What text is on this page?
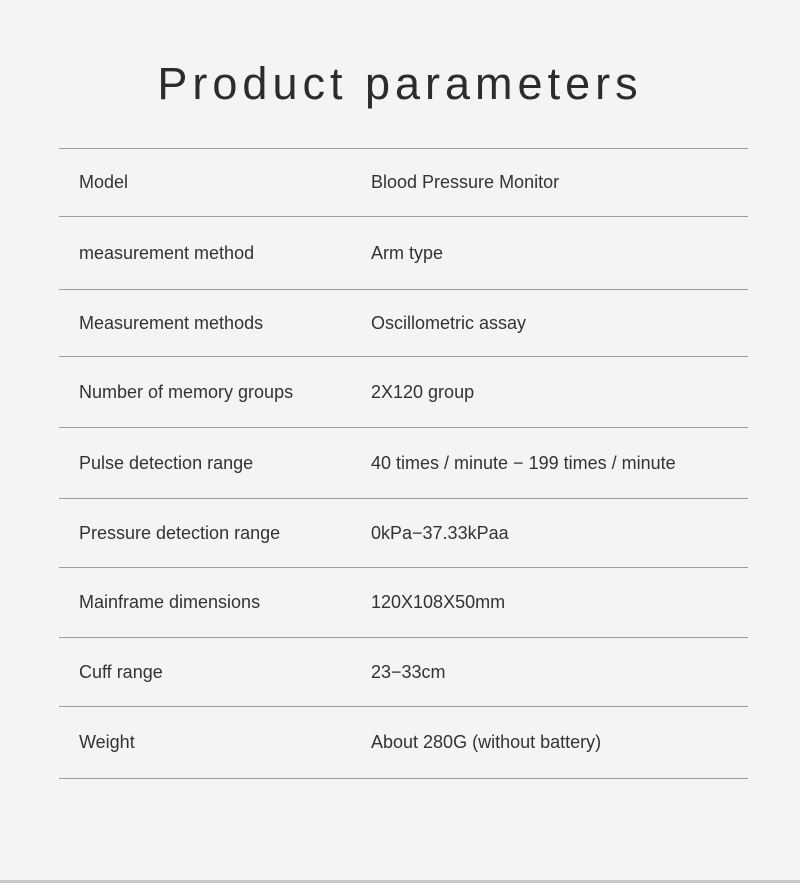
Product parameters
Model	Blood Pressure Monitor
measurement method	Arm type
Measurement methods	Oscillometric assay
Number of memory groups	2X120 group
Pulse detection range	40 times / minute − 199 times / minute
Pressure detection range	0kPa−37.33kPaa
Mainframe dimensions	120X108X50mm
Cuff range	23−33cm
Weight	About 280G (without battery)
